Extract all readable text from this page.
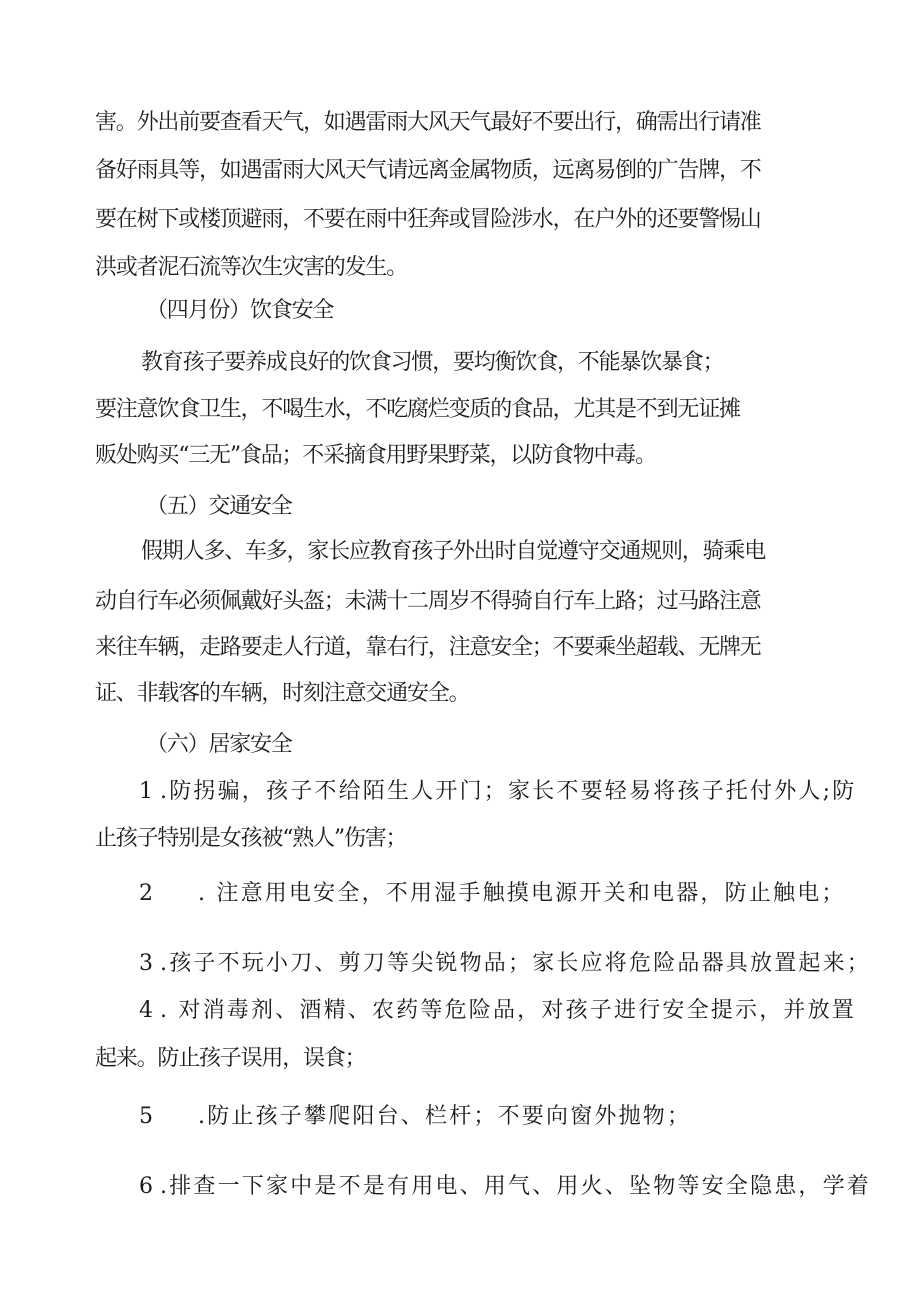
害。外出前要查看天气，如遇雷雨大风天气最好不要出行，确需出行请准
备好雨具等，如遇雷雨大风天气请远离金属物质，远离易倒的广告牌，不
要在树下或楼顶避雨，不要在雨中狂奔或冒险涉水，在户外的还要警惕山
洪或者泥石流等次生灾害的发生。
（四月份）饮食安全
教育孩子要养成良好的饮食习惯，要均衡饮食，不能暴饮暴食；
要注意饮食卫生，不喝生水，不吃腐烂变质的食品，尤其是不到无证摊
贩处购买“三无”食品；不采摘食用野果野菜，以防食物中毒。
（五）交通安全
假期人多、车多，家长应教育孩子外出时自觉遵守交通规则，骑乘电
动自行车必须佩戴好头盔；未满十二周岁不得骑自行车上路；过马路注意
来往车辆，走路要走人行道，靠右行，注意安全；不要乘坐超载、无牌无
证、非载客的车辆，时刻注意交通安全。
（六）居家安全
1 .防拐骗，孩子不给陌生人开门；家长不要轻易将孩子托付外人;防
止孩子特别是女孩被“熟人”伤害；
2 . 注意用电安全，不用湿手触摸电源开关和电器，防止触电；
3 .孩子不玩小刀、剪刀等尖锐物品；家长应将危险品器具放置起来；
4 . 对消毒剂、酒精、农药等危险品，对孩子进行安全提示，并放置
起来。防止孩子误用，误食；
5 .防止孩子攀爬阳台、栏杆；不要向窗外抛物；
6 .排查一下家中是不是有用电、用气、用火、坠物等安全隐患，学着
